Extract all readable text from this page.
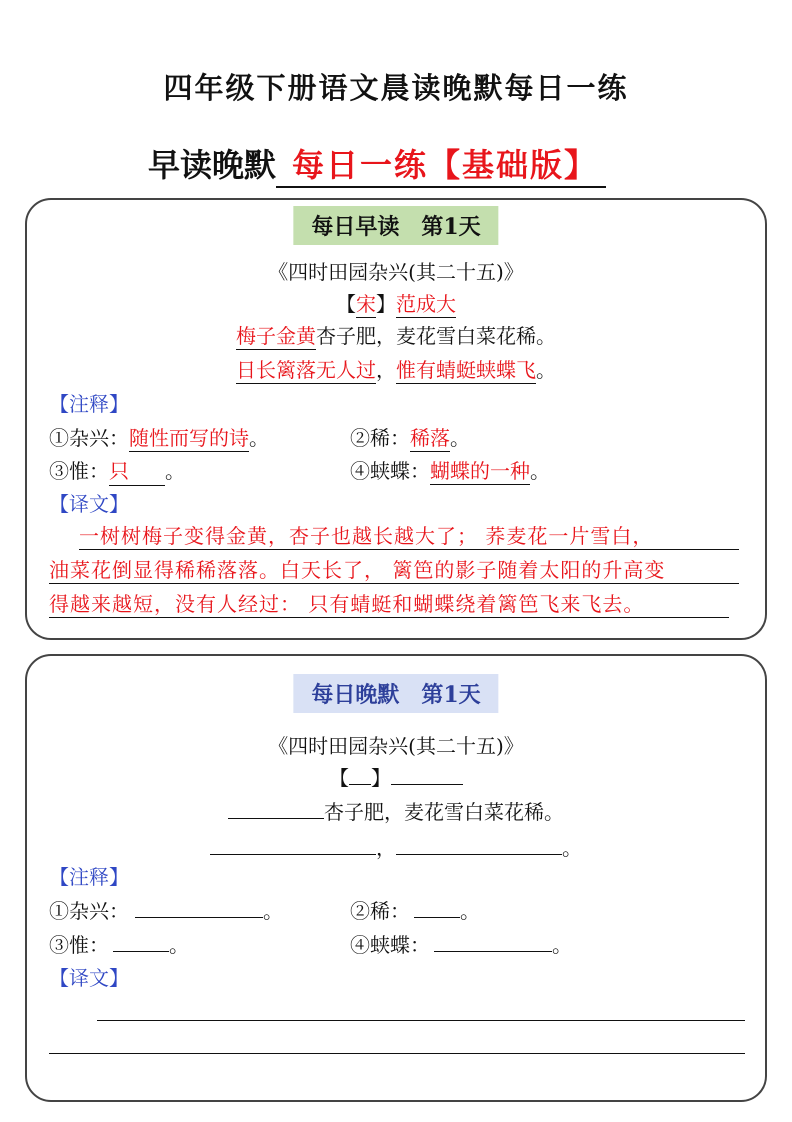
四年级下册语文晨读晚默每日一练
早读晚默 每日一练【基础版】
每日早读　第1天
《四时田园杂兴(其二十五)》
【宋】范成大
梅子金黄杏子肥，麦花雪白菜花稀。
日长篱落无人过，惟有蜻蜓蛱蝶飞。
【注释】
①杂兴：随性而写的诗。	②稀：稀落。
③惟：只 。	④蛱蝶：蝴蝶的一种。
【译文】
一树树梅子变得金黄，杏子也越长越大了； 荞麦花一片雪白，
油菜花倒显得稀稀落落。白天长了， 篱笆的影子随着太阳的升高变
得越来越短，没有人经过： 只有蜻蜓和蝴蝶绕着篱笆飞来飞去。
每日晚默　第1天
《四时田园杂兴(其二十五)》
【 】
杏子肥，麦花雪白菜花稀。
，	。
【注释】
①杂兴：	。	②稀：	。
③惟：	。	④蛱蝶：	。
【译文】
